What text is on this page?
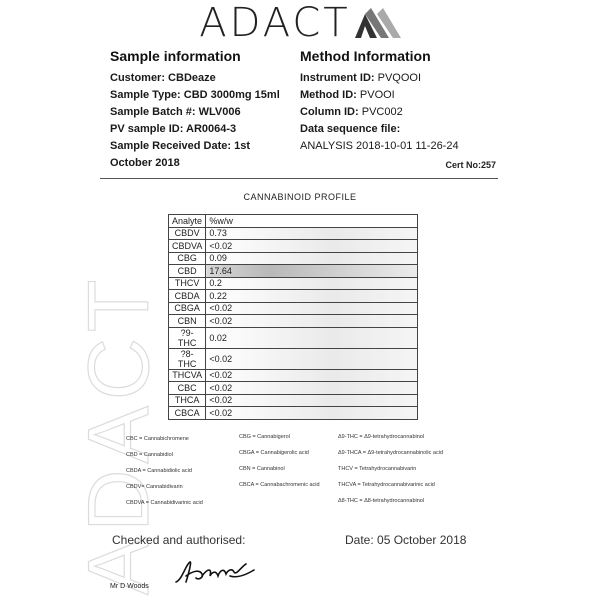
ADACT
ADACT
Sample information
Customer: CBDeaze
Sample Type: CBD 3000mg 15ml
Sample Batch #: WLV006
PV sample ID: AR0064-3
Sample Received Date: 1st October 2018
Method Information
Instrument ID: PVQOOI
Method ID: PVOOI
Column ID: PVC002
Data sequence file:
ANALYSIS 2018-10-01 11-26-24
Cert No:257
CANNABINOID PROFILE
Analyte	%w/w
CBDV	0.73
CBDVA	<0.02
CBG	0.09
CBD	17.64
THCV	0.2
CBDA	0.22
CBGA	<0.02
CBN	<0.02
?9-THC	0.02
?8-THC	<0.02
THCVA	<0.02
CBC	<0.02
THCA	<0.02
CBCA	<0.02
CBC = Cannabichromene
CBD = Cannabidiol
CBDA = Cannabidiolic acid
CBDV= Cannabidivarin
CBDVA = Cannabidivarinic acid
CBG = Cannabigerol
CBGA = Cannabigerolic acid
CBN = Cannabinol
CBCA = Cannabachromenic acid
Δ9-THC = Δ9-tetrahydrocannabinol
Δ9-THCA = Δ9-tetrahydrocannabinolic acid
THCV = Tetrahydrocannabivarin
THCVA = Tetrahydrocannabivarinic acid
Δ8-THC = Δ8-tetrahydrocannabinol
Checked and authorised:	Date: 05 October 2018
Mr D Woods
